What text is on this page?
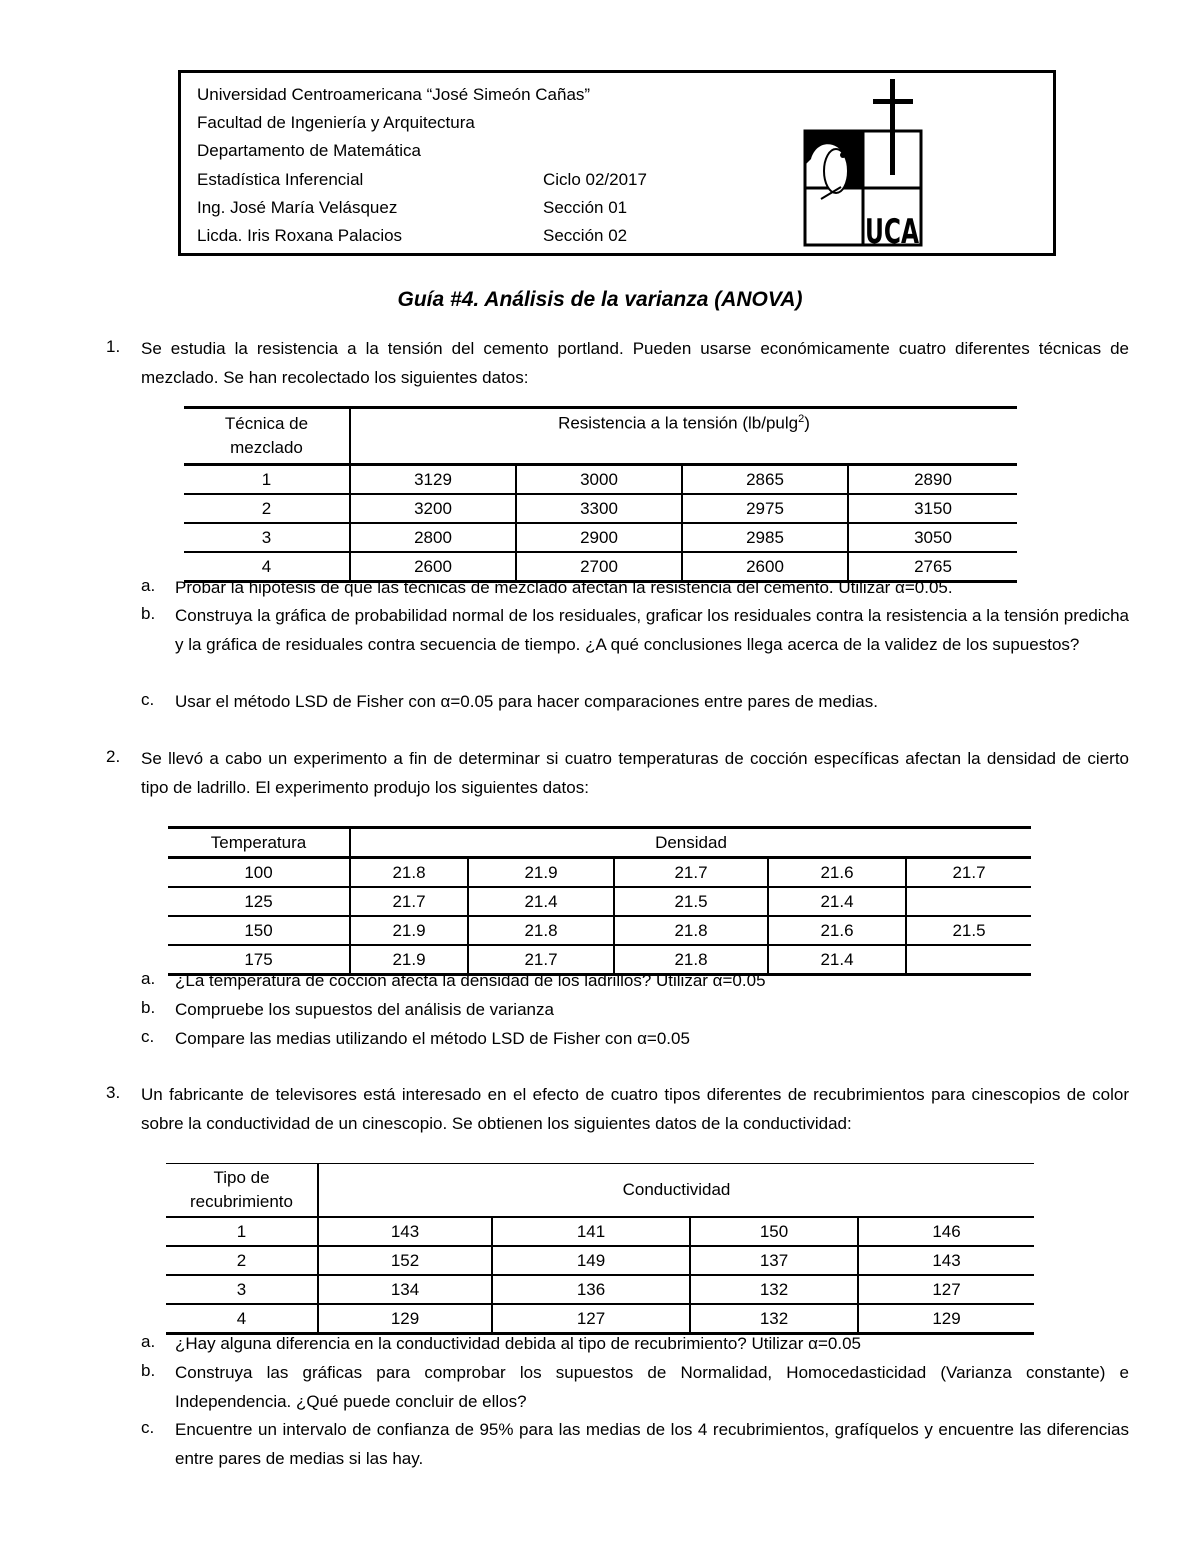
Universidad Centroamericana “José Simeón Cañas”
Facultad de Ingeniería y Arquitectura
Departamento de Matemática
Estadística Inferencial	Ciclo 02/2017
Ing. José María Velásquez	Sección 01
Licda. Iris Roxana Palacios	Sección 02
%
UCA
Guía #4. Análisis de la varianza (ANOVA)
1. Se estudia la resistencia a la tensión del cemento portland. Pueden usarse económicamente cuatro diferentes técnicas de mezclado. Se han recolectado los siguientes datos:
Técnica de
mezclado	Resistencia a la tensión (lb/pulg$^2$)			
1	3129	3000	2865	2890
2	3200	3300	2975	3150
3	2800	2900	2985	3050
4	2600	2700	2600	2765
a. Probar la hipótesis de que las técnicas de mezclado afectan la resistencia del cemento. Utilizar α=0.05.
b. Construya la gráfica de probabilidad normal de los residuales, graficar los residuales contra la resistencia a la tensión predicha y la gráfica de residuales contra secuencia de tiempo. ¿A qué conclusiones llega acerca de la validez de los supuestos?
c. Usar el método LSD de Fisher con α=0.05 para hacer comparaciones entre pares de medias.
2. Se llevó a cabo un experimento a fin de determinar si cuatro temperaturas de cocción específicas afectan la densidad de cierto tipo de ladrillo. El experimento produjo los siguientes datos:
Temperatura	Densidad				
100	21.8	21.9	21.7	21.6	21.7
125	21.7	21.4	21.5	21.4	
150	21.9	21.8	21.8	21.6	21.5
175	21.9	21.7	21.8	21.4	
a. ¿La temperatura de cocción afecta la densidad de los ladrillos? Utilizar α=0.05
b. Compruebe los supuestos del análisis de varianza
c. Compare las medias utilizando el método LSD de Fisher con α=0.05
3. Un fabricante de televisores está interesado en el efecto de cuatro tipos diferentes de recubrimientos para cinescopios de color sobre la conductividad de un cinescopio. Se obtienen los siguientes datos de la conductividad:
Tipo de
recubrimiento	Conductividad			
1	143	141	150	146
2	152	149	137	143
3	134	136	132	127
4	129	127	132	129
a. ¿Hay alguna diferencia en la conductividad debida al tipo de recubrimiento? Utilizar α=0.05
b. Construya las gráficas para comprobar los supuestos de Normalidad, Homocedasticidad (Varianza constante) e Independencia. ¿Qué puede concluir de ellos?
c. Encuentre un intervalo de confianza de 95% para las medias de los 4 recubrimientos, grafíquelos y encuentre las diferencias entre pares de medias si las hay.
